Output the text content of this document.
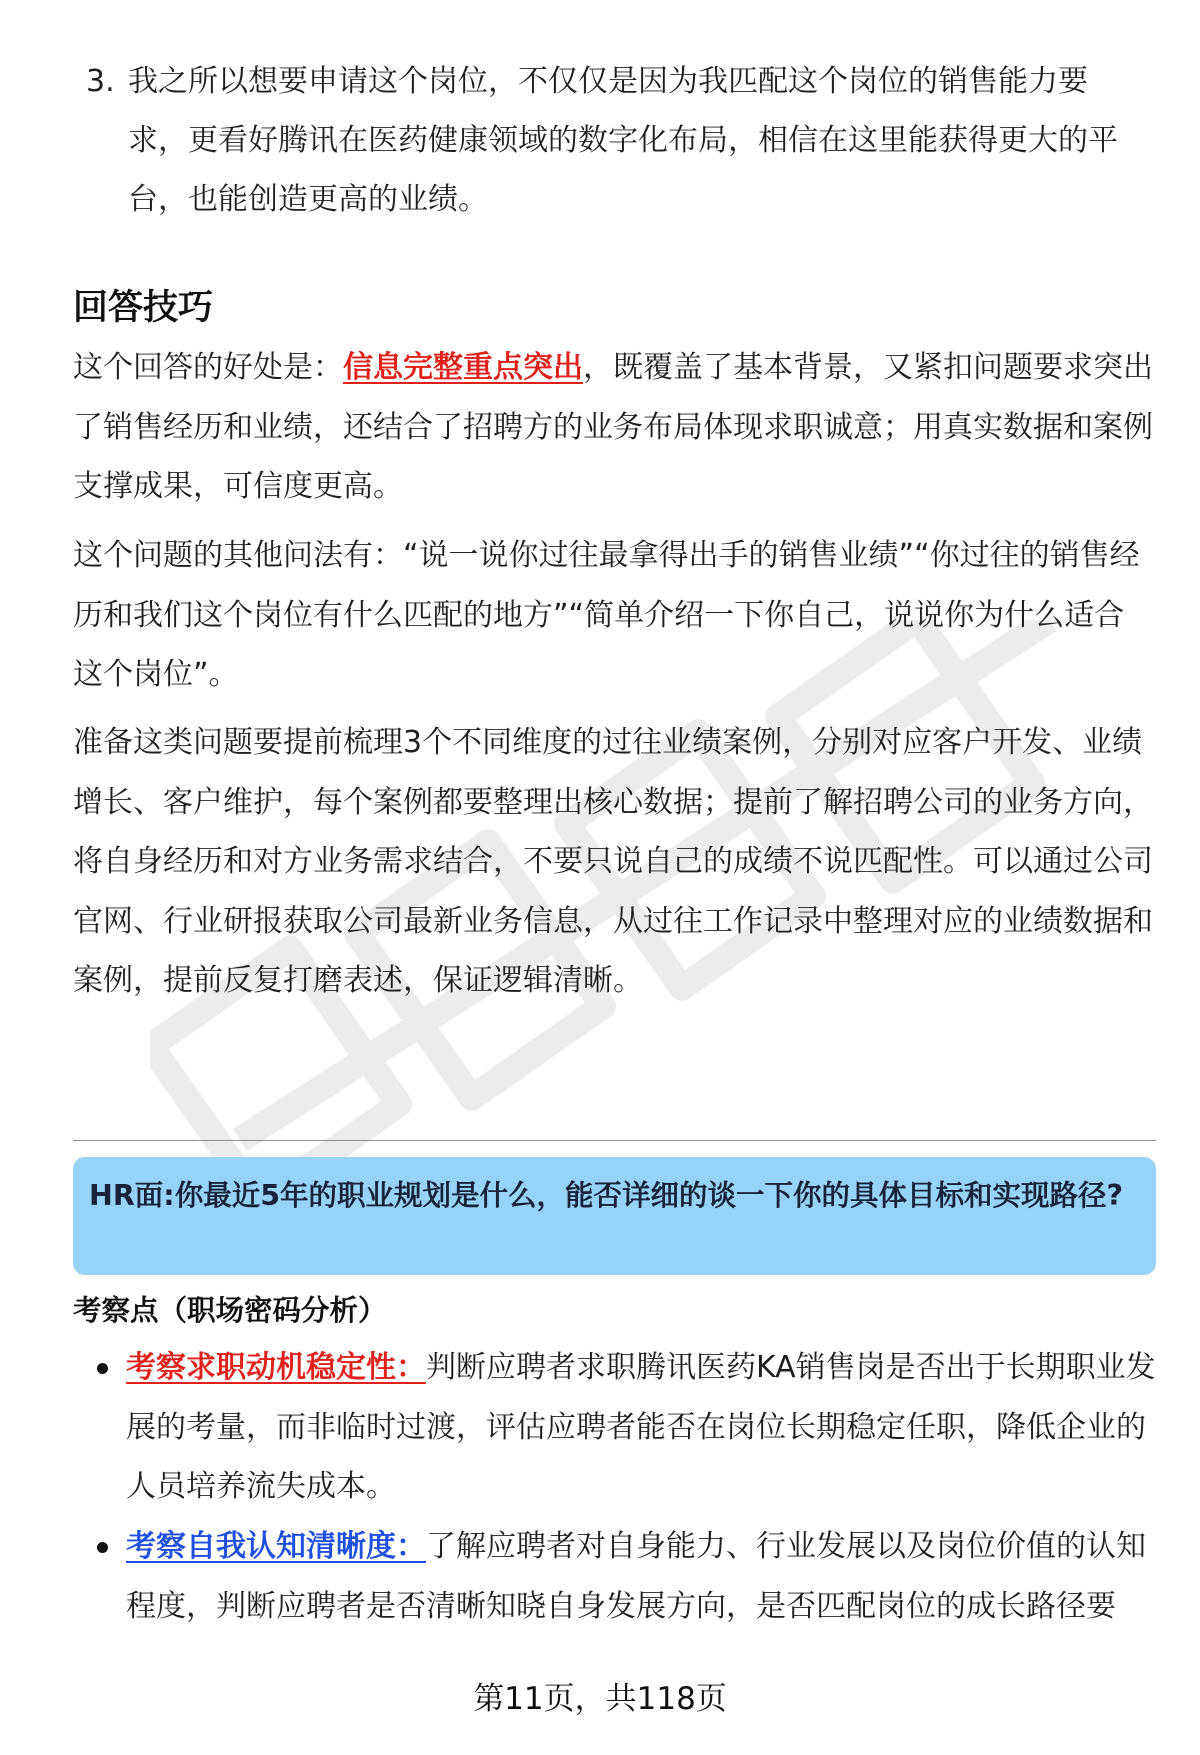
3. 我之所以想要申请这个岗位，不仅仅是因为我匹配这个岗位的销售能力要求，更看好腾讯在医药健康领域的数字化布局，相信在这里能获得更大的平台，也能创造更高的业绩。
回答技巧
这个回答的好处是：信息完整重点突出，既覆盖了基本背景，又紧扣问题要求突出了销售经历和业绩，还结合了招聘方的业务布局体现求职诚意；用真实数据和案例支撑成果，可信度更高。
这个问题的其他问法有：“说一说你过往最拿得出手的销售业绩”“你过往的销售经历和我们这个岗位有什么匹配的地方”“简单介绍一下你自己，说说你为什么适合这个岗位”。
准备这类问题要提前梳理3个不同维度的过往业绩案例，分别对应客户开发、业绩增长、客户维护，每个案例都要整理出核心数据；提前了解招聘公司的业务方向，将自身经历和对方业务需求结合，不要只说自己的成绩不说匹配性。可以通过公司官网、行业研报获取公司最新业务信息，从过往工作记录中整理对应的业绩数据和案例，提前反复打磨表述，保证逻辑清晰。
HR面:你最近5年的职业规划是什么，能否详细的谈一下你的具体目标和实现路径?
考察点（职场密码分析）
考察求职动机稳定性：判断应聘者求职腾讯医药KA销售岗是否出于长期职业发展的考量，而非临时过渡，评估应聘者能否在岗位长期稳定任职，降低企业的人员培养流失成本。
考察自我认知清晰度：了解应聘者对自身能力、行业发展以及岗位价值的认知程度，判断应聘者是否清晰知晓自身发展方向，是否匹配岗位的成长路径要
第11页，共118页
